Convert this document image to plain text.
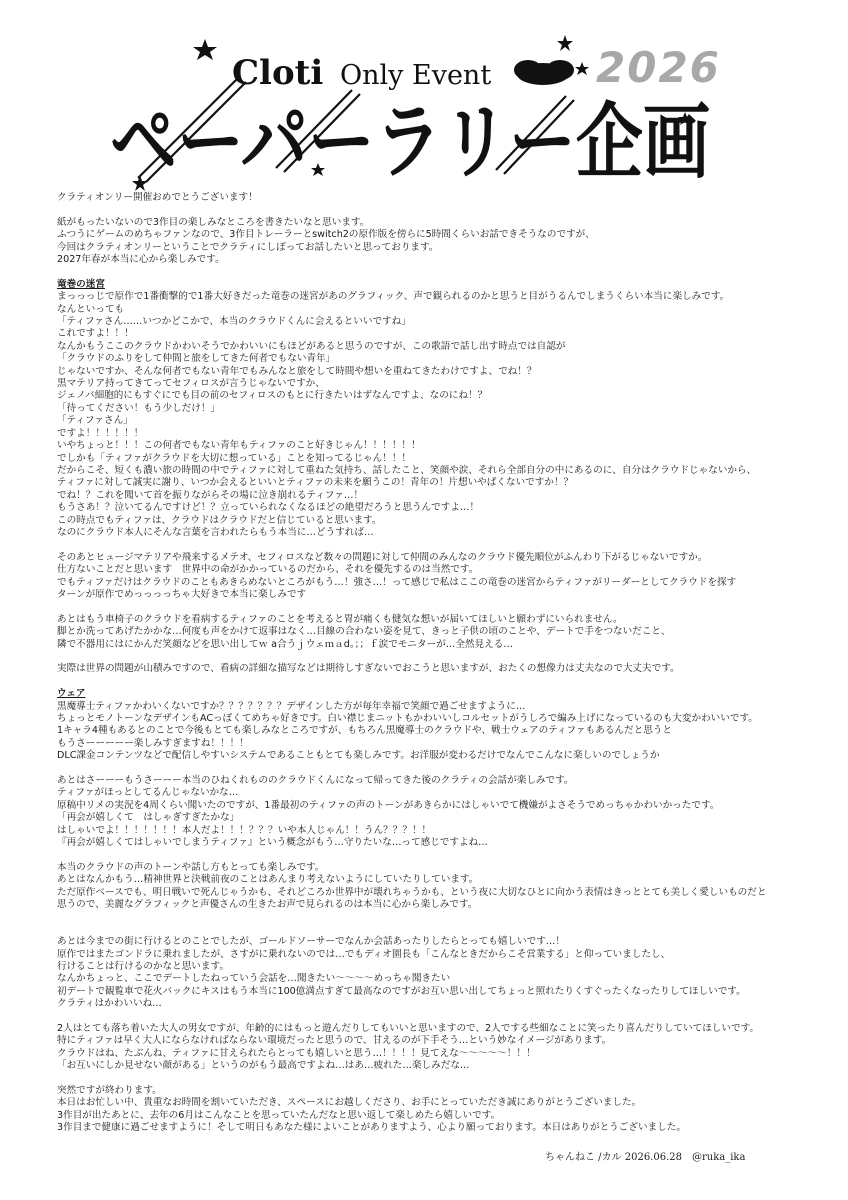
Cloti Only Event 2026
ペーパーラリー企画

クラティオンリー開催おめでとうございます！

紙がもったいないので3作目の楽しみなところを書きたいなと思います。

ふつうにゲームのめちゃファンなので、3作目トレーラーとswitch2の原作版を傍らに5時間くらいお話できそうなのですが、

今回はクラティオンリーということでクラティにしぼってお話したいと思っております。

2027年春が本当に心から楽しみです。

竜巻の迷宮

まっっっじで原作で1番衝撃的で1番大好きだった竜巻の迷宮があのグラフィック、声で観られるのかと思うと目がうるんでしまうくらい本当に楽しみです。

なんといっても

「ティファさん……いつかどこかで、本当のクラウドくんに会えるといいですね」

これですよ！！！

なんかもうここのクラウドかわいそうでかわいいにもほどがあると思うのですが、この歌語で話し出す時点では自認が

「クラウドのふりをして仲間と旅をしてきた何者でもない青年」

じゃないですか、そんな何者でもない青年でもみんなと旅をして時間や想いを重ねてきたわけですよ、でね！？

黒マテリア持ってきてってセフィロスが言うじゃないですか、

ジェノバ細胞的にもすぐにでも目の前のセフィロスのもとに行きたいはずなんですよ、なのにね！？

「待ってください！もう少しだけ！」

「ティファさん」

ですよ！！！！！！

いやちょっと！！！この何者でもない青年もティファのこと好きじゃん！！！！！！

でしかも「ティファがクラウドを大切に想っている」ことを知ってるじゃん！！！

だからこそ、短くも濃い旅の時間の中でティファに対して重ねた気持ち、話したこと、笑顔や涙、それら全部自分の中にあるのに、自分はクラウドじゃないから、

ティファに対して誠実に謝り、いつか会えるといいとティファの未来を願うこの！青年の！片想いやばくないですか！？

でね！？これを聞いて首を振りながらその場に泣き崩れるティファ…！

もうさあ！？泣いてるんですけど！？立っていられなくなるほどの絶望だろうと思うんですよ…！

この時点でもティファは、クラウドはクラウドだと信じていると思います。

なのにクラウド本人にそんな言葉を言われたらもう本当に…どうすれば…

そのあとヒュージマテリアや飛来するメテオ、セフィロスなど数々の問題に対して仲間のみんなのクラウド優先順位がふんわり下がるじゃないですか。

仕方ないことだと思います　世界中の命がかかっているのだから、それを優先するのは当然です。

でもティファだけはクラウドのこともあきらめないところがもう…！強さ…！って感じで私はここの竜巻の迷宮からティファがリーダーとしてクラウドを探す

ターンが原作でめっっっっちゃ大好きで本当に楽しみです

あとはもう車椅子のクラウドを看病するティファのことを考えると胃が痛くも健気な想いが届いてほしいと願わずにいられません。

脚とか洗ってあげたかかな…何度も声をかけて返事はなく…目線の合わない姿を見て、きっと子供の頃のことや、デートで手をつないだこと、

隣で不器用にはにかんだ笑顔などを思い出してｗ a合うｊウェｍａd。；；ｆ涙でモニターが…全然見える…

実際は世界の問題が山積みですので、看病の詳細な描写などは期待しすぎないでおこうと思いますが、おたくの想像力は丈夫なので大丈夫です。

ウェア

黒魔導士ティファかわいくないですか？？？？？？？デザインした方が毎年幸福で笑顔で過ごせますように…

ちょっとモノトーンなデザインもACっぽくてめちゃ好きです。白い襟じまニットもかわいいしコルセットがうしろで編み上げになっているのも大変かわいいです。

1キャラ4種もあるとのことで今後もとても楽しみなところですが、もちろん黒魔導士のクラウドや、戦士ウェアのティファもあるんだと思うと

もうさーーーーー楽しみすぎますね！！！！

DLC課金コンテンツなどで配信しやすいシステムであることもとても楽しみです。お洋服が変わるだけでなんでこんなに楽しいのでしょうか

あとはさーーーもうさーーー本当のひねくれもののクラウドくんになって帰ってきた後のクラティの会話が楽しみです。

ティファがほっとしてるんじゃないかな…

原稿中リメの実況を4周くらい聞いたのですが、1番最初のティファの声のトーンがあきらかにはしゃいでて機嫌がよさそうでめっちゃかわいかったです。

「再会が嬉しくて　はしゃぎすぎたかな」

はしゃいでよ！！！！！！！本人だよ！！！？？？いや本人じゃん！！うん？？？！！

『再会が嬉しくてはしゃいでしまうティファ』という概念がもう…守りたいな…って感じですよね…

本当のクラウドの声のトーンや話し方もとっても楽しみです。

あとはなんかもう…精神世界と決戦前夜のことはあんまり考えないようにしていたりしています。

ただ原作ベースでも、明日戦いで死んじゃうかも、それどころか世界中が壊れちゃうかも、という夜に大切なひとに向かう表情はきっととても美しく愛しいものだと

思うので、美麗なグラフィックと声優さんの生きたお声で見られるのは本当に心から楽しみです。

あとは今までの街に行けるとのことでしたが、ゴールドソーサーでなんか会話あったりしたらとっても嬉しいです…！

原作ではまたゴンドラに乗れましたが、さすがに乗れないのでは…でもディオ園長も「こんなときだからこそ営業する」と仰っていましたし、

行けることは行けるのかなと思います。

なんかちょっと、ここでデートしたねっていう会話を…聞きたい～～～～めっちゃ聞きたい

初デートで観覧車で花火バックにキスはもう本当に100億満点すぎて最高なのですがお互い思い出してちょっと照れたりくすぐったくなったりしてほしいです。

クラティはかわいいね…

2人はとても落ち着いた大人の男女ですが、年齢的にはもっと遊んだりしてもいいと思いますので、2人でする些細なことに笑ったり喜んだりしていてほしいです。

特にティファは早く大人にならなければならない環境だったと思うので、甘えるのが下手そう…という妙なイメージがあります。

クラウドはね、たぶんね、ティファに甘えられたらとっても嬉しいと思う…！！！！見てえな～～～～～！！！

「お互いにしか見せない顔がある」というのがもう最高ですよね…はあ…疲れた…楽しみだな…

突然ですが終わります。

本日はお忙しい中、貴重なお時間を割いていただき、スペースにお越しくださり、お手にとっていただき誠にありがとうございました。

3作目が出たあとに、去年の6月はこんなことを思っていたんだなと思い返して楽しめたら嬉しいです。

3作目まで健康に過ごせますように！そして明日もあなた様によいことがありますよう、心より願っております。本日はありがとうございました。

ちゃんねこ /カル 2026.06.28　@ruka_ika
